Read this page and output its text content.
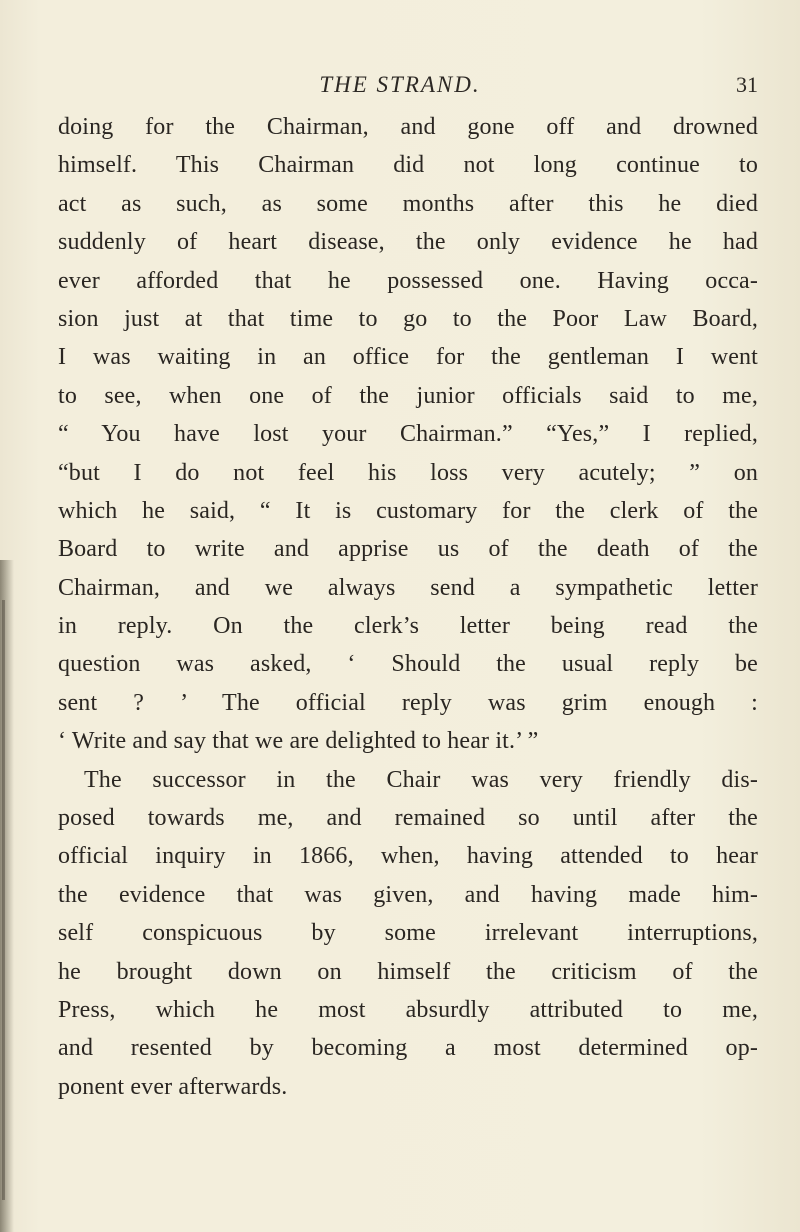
THE STRAND.	31
doing for the Chairman, and gone off and drowned
himself. This Chairman did not long continue to
act as such, as some months after this he died
suddenly of heart disease, the only evidence he had
ever afforded that he possessed one. Having occa-
sion just at that time to go to the Poor Law Board,
I was waiting in an office for the gentleman I went
to see, when one of the junior officials said to me,
“ You have lost your Chairman.” “Yes,” I replied,
“but I do not feel his loss very acutely; ” on
which he said, “ It is customary for the clerk of the
Board to write and apprise us of the death of the
Chairman, and we always send a sympathetic letter
in reply. On the clerk’s letter being read the
question was asked, ‘ Should the usual reply be
sent ? ’ The official reply was grim enough :
‘ Write and say that we are delighted to hear it.’ ”
The successor in the Chair was very friendly dis-
posed towards me, and remained so until after the
official inquiry in 1866, when, having attended to hear
the evidence that was given, and having made him-
self conspicuous by some irrelevant interruptions,
he brought down on himself the criticism of the
Press, which he most absurdly attributed to me,
and resented by becoming a most determined op-
ponent ever afterwards.
